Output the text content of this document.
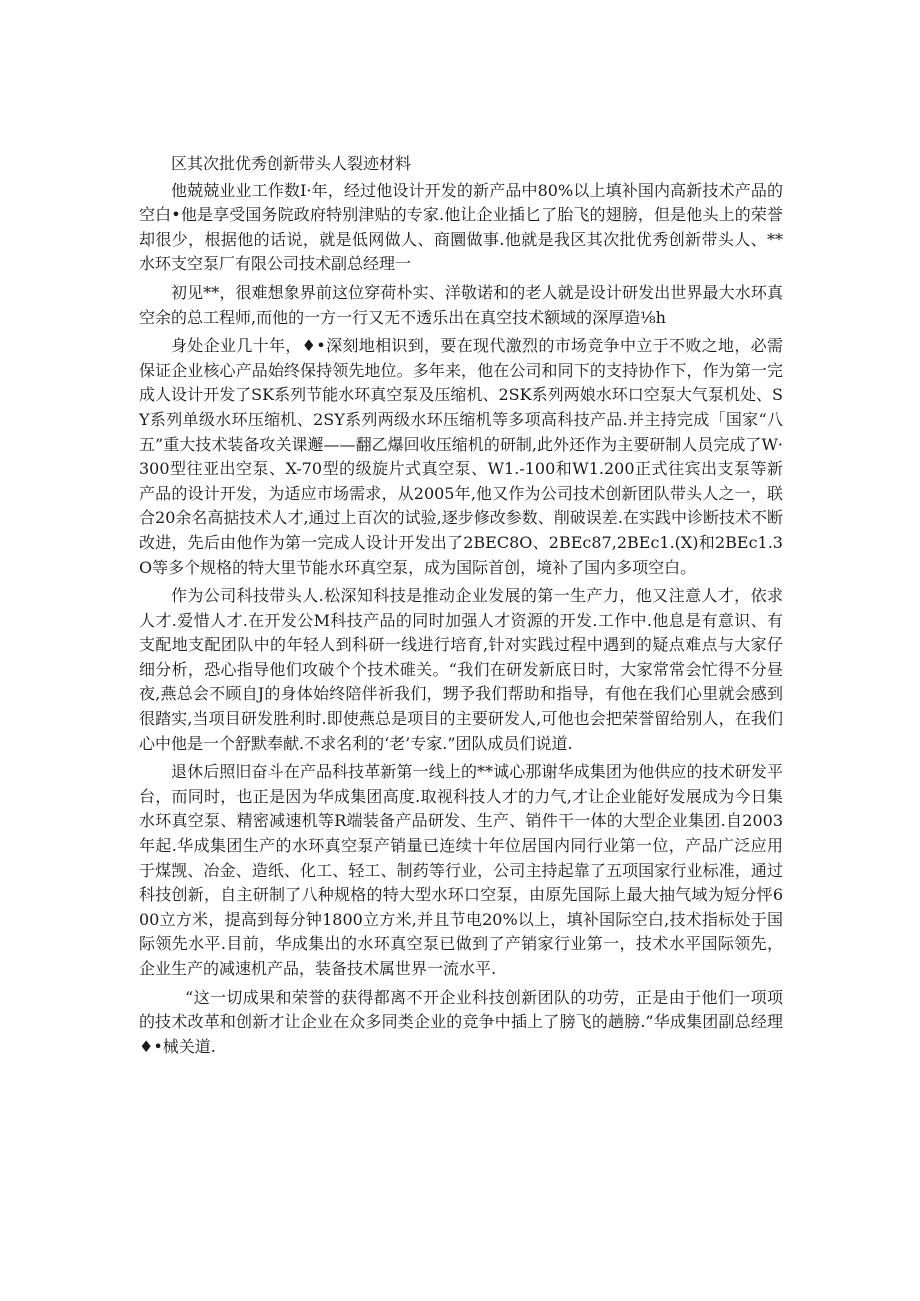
区其次批优秀创新带头人裂迹材料

他兢兢业业工作数I·年，经过他设计开发的新产品中80%以上填补国内高新技术产品的空白•他是享受国务院政府特别津贴的专家.他让企业插匕了胎飞的翅膀，但是他头上的荣誉却很少，根据他的话说，就是低网做人、商圜做事.他就是我区其次批优秀创新带头人、**水环支空泵厂有限公司技术副总经理一

初见**，很难想象界前这位穿荷朴实、洋敬诺和的老人就是设计研发出世界最大水环真空余的总工程师,而他的一方一行又无不透乐出在真空技术额域的深厚造⅛h

身处企业几十年，♦•深刻地相识到，要在现代激烈的市场竞争中立于不败之地，必需保证企业核心产品始终保持领先地位。多年来，他在公司和同下的支持协作下，作为第一完成人设计开发了SK系列节能水环真空泵及压缩机、2SK系列两娘水环口空泵大气泵机处、SY系列单级水环压缩机、2SY系列两级水环压缩机等多项高科技产品.并主持完成「国家“八五”重大技术装备攻关课邂——翻乙爆回收压缩机的研制,此外还作为主要研制人员完成了W·300型往亚出空泵、X-70型的级旋片式真空泵、W1.-100和W1.200正式往宾出支泵等新产品的设计开发，为适应市场需求，从2005年,他又作为公司技术创新团队带头人之一，联合20余名高掂技术人才,通过上百次的试验,逐步修改参数、削破误差.在实践中诊断技术不断改进，先后由他作为第一完成人设计开发出了2BEC8O、2BEc87,2BEc1.(X)和2BEc1.3O等多个规格的特大里节能水环真空泵，成为国际首创，境补了国内多项空白。

作为公司科技带头人.松深知科技是推动企业发展的第一生产力，他又注意人才，依求人才.爱惜人才.在开发公M科技产品的同时加强人才资源的开发.工作中.他息是有意识、有支配地支配团队中的年轻人到科研一线进行培育,针对实践过程中遇到的疑点难点与大家仔细分析，恐心指导他们攻破个个技术碓关。“我们在研发新底日时，大家常常会忙得不分昼夜,燕总会不顾自J的身体始终陪伴祈我们，甥予我们帮助和指导，有他在我们心里就会感到很踏实,当项目研发胜利时.即使燕总是项目的主要研发人,可他也会把荣誉留给别人，在我们心中他是一个舒默奉献.不求名利的‘老’专家.”团队成员们说道.

退休后照旧奋斗在产品科技革新第一线上的**诚心那谢华成集团为他供应的技术研发平台，而同时，也正是因为华成集团高度.取视科技人才的力气,才让企业能好发展成为今日集水环真空泵、精密减速机等R端装备产品研发、生产、销件干一体的大型企业集团.自2003年起.华成集团生产的水环真空泵产销量已连续十年位居国内同行业第一位，产品广泛应用于煤觊、冶金、造纸、化工、轻工、制药等行业，公司主持起靠了五项国家行业标准，通过科技创新，自主研制了八种规格的特大型水环口空泵，由原先国际上最大抽气域为短分怦600立方米，提高到每分钟1800立方米,并且节电20%以上，填补国际空白,技术指标处于国际领先水平.目前，华成集出的水环真空泵已做到了产销家行业第一，技术水平国际领先，企业生产的减速机产品，装备技术属世界一流水平.

“这一切成果和荣誉的获得都离不开企业科技创新团队的功劳，正是由于他们一项项的技术改革和创新才让企业在众多同类企业的竞争中插上了膀飞的趟膀.”华成集团副总经理♦•械关道.
